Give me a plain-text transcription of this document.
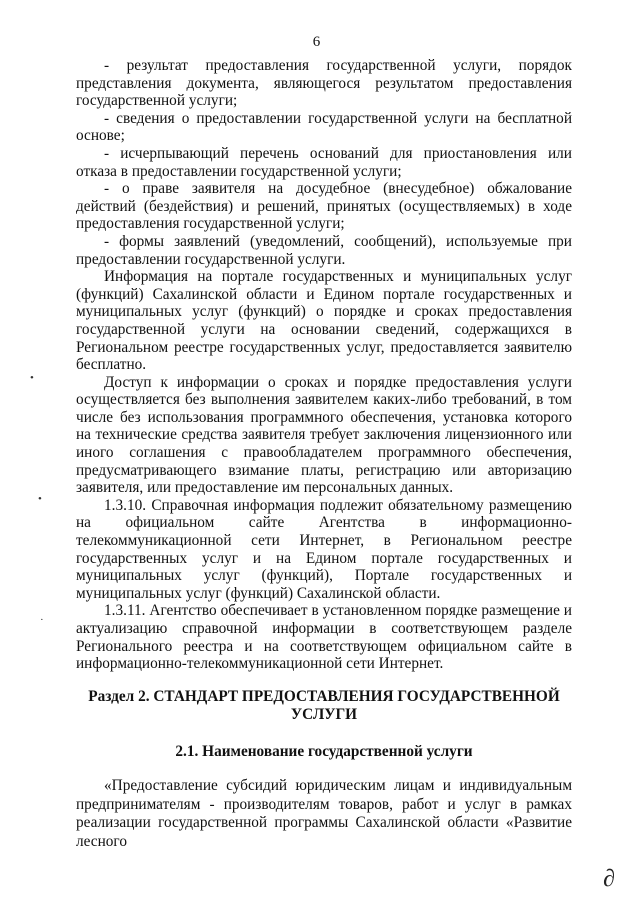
6

- результат предоставления государственной услуги, порядок представления документа, являющегося результатом предоставления государственной услуги;

- сведения о предоставлении государственной услуги на бесплатной основе;

- исчерпывающий перечень оснований для приостановления или отказа в предоставлении государственной услуги;

- о праве заявителя на досудебное (внесудебное) обжалование действий (бездействия) и решений, принятых (осуществляемых) в ходе предоставления государственной услуги;

- формы заявлений (уведомлений, сообщений), используемые при предоставлении государственной услуги.

Информация на портале государственных и муниципальных услуг (функций) Сахалинской области и Едином портале государственных и муниципальных услуг (функций) о порядке и сроках предоставления государственной услуги на основании сведений, содержащихся в Региональном реестре государственных услуг, предоставляется заявителю бесплатно.

Доступ к информации о сроках и порядке предоставления услуги осуществляется без выполнения заявителем каких-либо требований, в том числе без использования программного обеспечения, установка которого на технические средства заявителя требует заключения лицензионного или иного соглашения с правообладателем программного обеспечения, предусматривающего взимание платы, регистрацию или авторизацию заявителя, или предоставление им персональных данных.

1.3.10. Справочная информация подлежит обязательному размещению на официальном сайте Агентства в информационно-телекоммуникационной сети Интернет, в Региональном реестре государственных услуг и на Едином портале государственных и муниципальных услуг (функций), Портале государственных и муниципальных услуг (функций) Сахалинской области.

1.3.11. Агентство обеспечивает в установленном порядке размещение и актуализацию справочной информации в соответствующем разделе Регионального реестра и на соответствующем официальном сайте в информационно-телекоммуникационной сети Интернет.

Раздел 2. СТАНДАРТ ПРЕДОСТАВЛЕНИЯ ГОСУДАРСТВЕННОЙ УСЛУГИ
2.1. Наименование государственной услуги

«Предоставление субсидий юридическим лицам и индивидуальным предпринимателям - производителям товаров, работ и услуг в рамках реализации государственной программы Сахалинской области «Развитие лесного

•
•
·
∂
